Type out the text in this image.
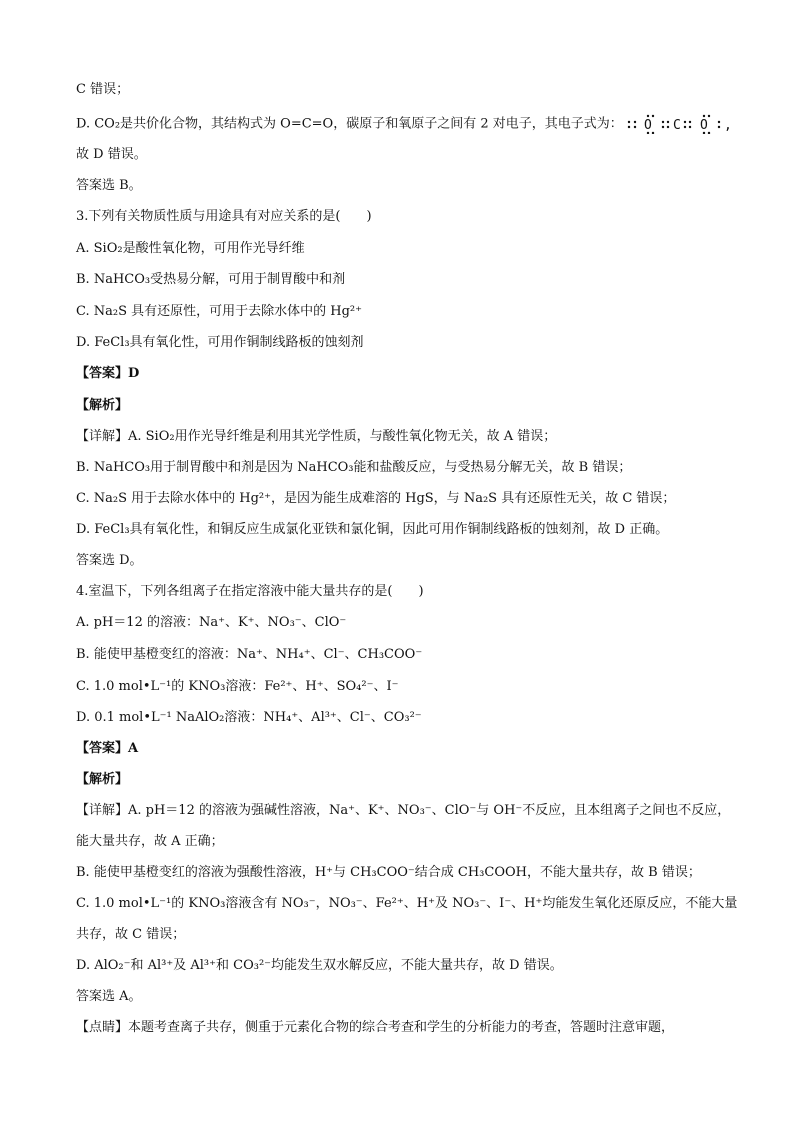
C 错误；
D. CO₂是共价化合物，其结构式为 O=C=O，碳原子和氧原子之间有 2 对电子，其电子式为： O C O ,
故 D 错误。
答案选 B。
3.下列有关物质性质与用途具有对应关系的是(　　)
A. SiO₂是酸性氧化物，可用作光导纤维
B. NaHCO₃受热易分解，可用于制胃酸中和剂
C. Na₂S 具有还原性，可用于去除水体中的 Hg²⁺
D. FeCl₃具有氧化性，可用作铜制线路板的蚀刻剂
【答案】D
【解析】
【详解】A. SiO₂用作光导纤维是利用其光学性质，与酸性氧化物无关，故 A 错误；
B. NaHCO₃用于制胃酸中和剂是因为 NaHCO₃能和盐酸反应，与受热易分解无关，故 B 错误；
C. Na₂S 用于去除水体中的 Hg²⁺，是因为能生成难溶的 HgS，与 Na₂S 具有还原性无关，故 C 错误；
D. FeCl₃具有氧化性，和铜反应生成氯化亚铁和氯化铜，因此可用作铜制线路板的蚀刻剂，故 D 正确。
答案选 D。
4.室温下，下列各组离子在指定溶液中能大量共存的是(　　)
A. pH＝12 的溶液：Na⁺、K⁺、NO₃⁻、ClO⁻
B. 能使甲基橙变红的溶液：Na⁺、NH₄⁺、Cl⁻、CH₃COO⁻
C. 1.0 mol•L⁻¹的 KNO₃溶液：Fe²⁺、H⁺、SO₄²⁻、I⁻
D. 0.1 mol•L⁻¹ NaAlO₂溶液：NH₄⁺、Al³⁺、Cl⁻、CO₃²⁻
【答案】A
【解析】
【详解】A. pH＝12 的溶液为强碱性溶液，Na⁺、K⁺、NO₃⁻、ClO⁻与 OH⁻不反应，且本组离子之间也不反应，
能大量共存，故 A 正确；
B. 能使甲基橙变红的溶液为强酸性溶液，H⁺与 CH₃COO⁻结合成 CH₃COOH，不能大量共存，故 B 错误；
C. 1.0 mol•L⁻¹的 KNO₃溶液含有 NO₃⁻，NO₃⁻、Fe²⁺、H⁺及 NO₃⁻、I⁻、H⁺均能发生氧化还原反应，不能大量
共存，故 C 错误；
D. AlO₂⁻和 Al³⁺及 Al³⁺和 CO₃²⁻均能发生双水解反应，不能大量共存，故 D 错误。
答案选 A。
【点睛】本题考查离子共存，侧重于元素化合物的综合考查和学生的分析能力的考查，答题时注意审题，
